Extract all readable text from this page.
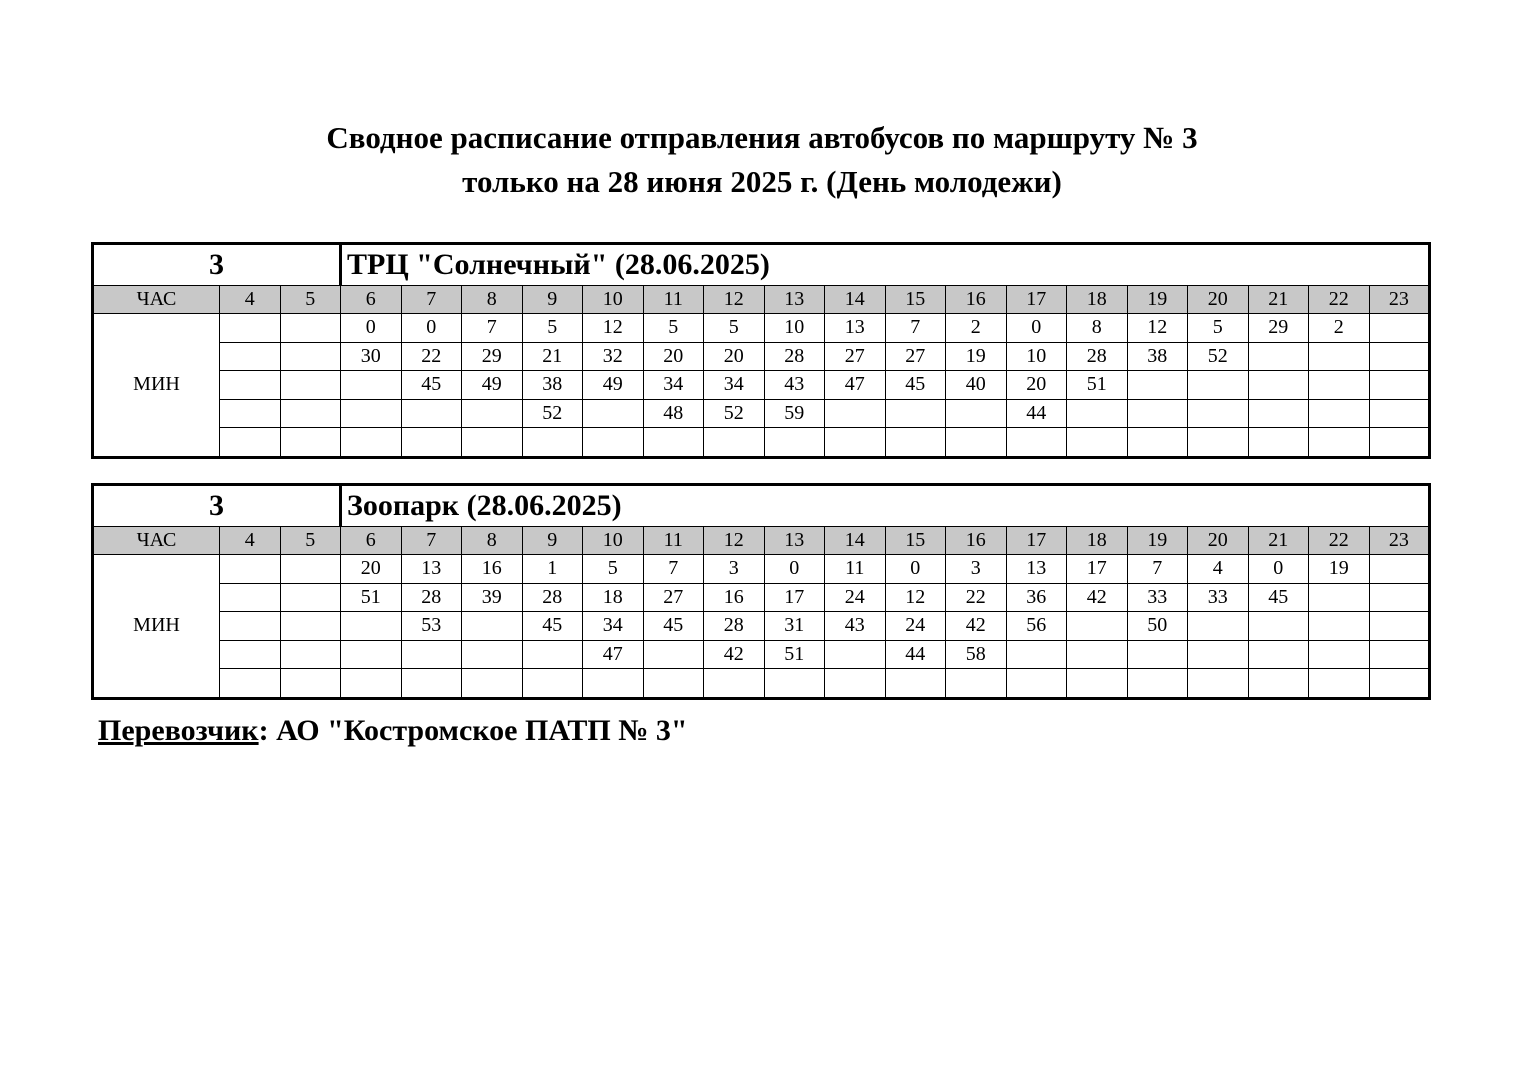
Сводное расписание отправления автобусов по маршруту № 3
только на 28 июня 2025 г. (День молодежи)
3			ТРЦ "Солнечный" (28.06.2025)																	
ЧАС	4	5	6	7	8	9	10	11	12	13	14	15	16	17	18	19	20	21	22	23
МИН			0	0	7	5	12	5	5	10	13	7	2	0	8	12	5	29	2	
			30	22	29	21	32	20	20	28	27	27	19	10	28	38	52			
				45	49	38	49	34	34	43	47	45	40	20	51					
						52		48	52	59				44						

3			Зоопарк (28.06.2025)																	
ЧАС	4	5	6	7	8	9	10	11	12	13	14	15	16	17	18	19	20	21	22	23
МИН			20	13	16	1	5	7	3	0	11	0	3	13	17	7	4	0	19	
			51	28	39	28	18	27	16	17	24	12	22	36	42	33	33	45		
				53		45	34	45	28	31	43	24	42	56		50				
							47		42	51		44	58							

Перевозчик: АО "Костромское ПАТП № 3"
